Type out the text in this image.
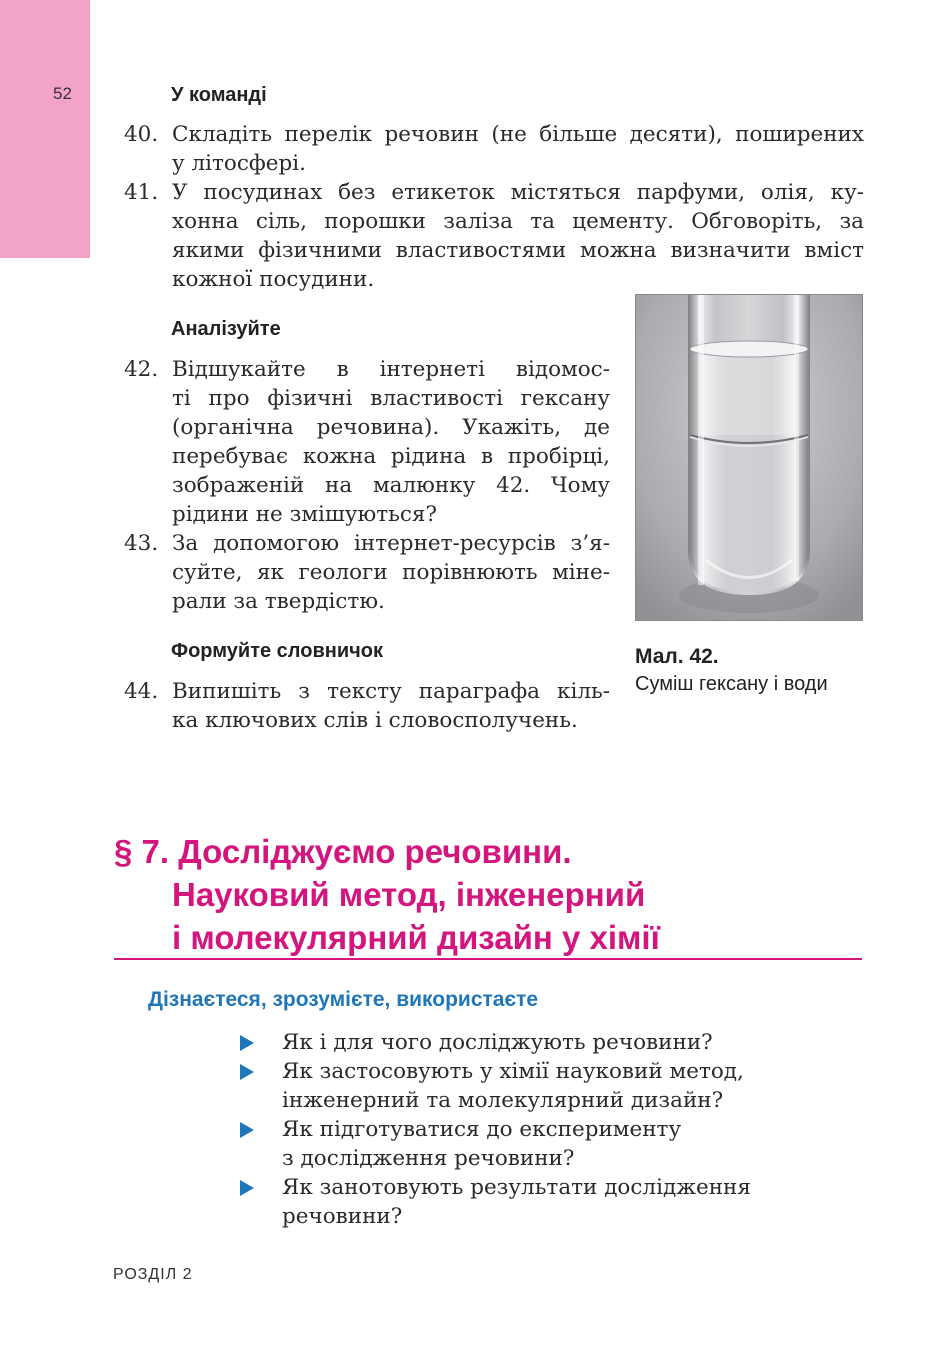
52	У команді
40. Складіть перелік речовин (не більше десяти), поширених
у літосфері.
41. У посудинах без етикеток містяться парфуми, олія, ку-
хонна сіль, порошки заліза та цементу. Обговоріть, за
якими фізичними властивостями можна визначити вміст
кожної посудини.
Аналізуйте
42. Відшукайте в інтернеті відомос-
ті про фізичні властивості гексану
(органічна речовина). Укажіть, де
перебуває кожна рідина в пробірці,
зображеній на малюнку 42. Чому
рідини не змішуються?
43. За допомогою інтернет-ресурсів з’я-
суйте, як геологи порівнюють міне-
рали за твердістю.
Формуйте словничок
44. Випишіть з тексту параграфа кіль-
ка ключових слів і словосполучень.
Мал. 42.
Суміш гексану і води
§ 7. Досліджуємо речовини.
Науковий метод, інженерний
і молекулярний дизайн у хімії
Дізнаєтеся, зрозумієте, використаєте
Як і для чого досліджують речовини?
Як застосовують у хімії науковий метод,
інженерний та молекулярний дизайн?
Як підготуватися до експерименту
з дослідження речовини?
Як занотовують результати дослідження
речовини?
РОЗДІЛ 2
